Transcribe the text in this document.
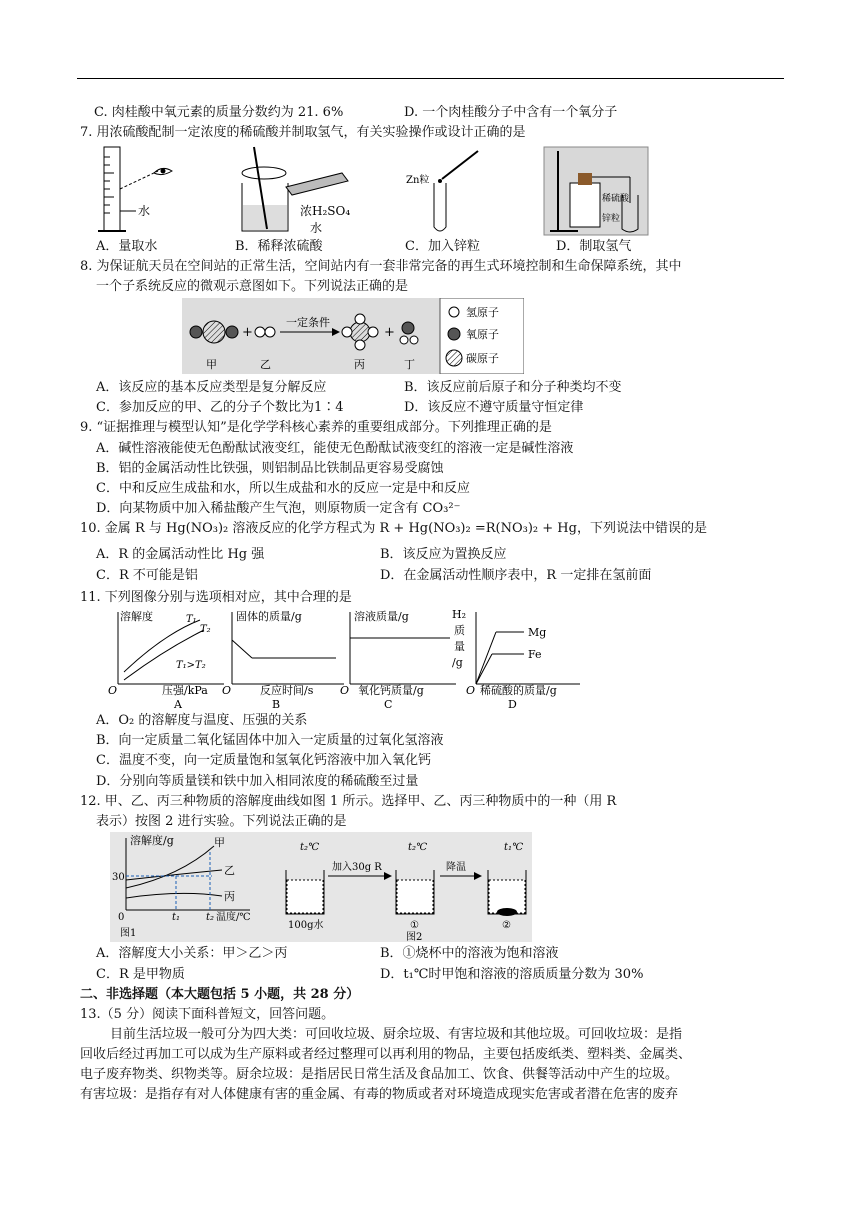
C. 肉桂酸中氧元素的质量分数约为 21. 6%	D. 一个肉桂酸分子中含有一个氧分子
7. 用浓硫酸配制一定浓度的稀硫酸并制取氢气，有关实验操作或设计正确的是
水	浓H₂SO₄
水
Zn粒
稀硫酸
锌粒
A．量取水	B．稀释浓硫酸	C．加入锌粒	D．制取氢气
8. 为保证航天员在空间站的正常生活，空间站内有一套非常完备的再生式环境控制和生命保障系统，其中
一个子系统反应的微观示意图如下。下列说法正确的是
+
一定条件
+
甲	乙	丙	丁
氢原子
氧原子
碳原子
A．该反应的基本反应类型是复分解反应	B．该反应前后原子和分子种类均不变
C．参加反应的甲、乙的分子个数比为1∶4	D．该反应不遵守质量守恒定律
9. “证据推理与模型认知”是化学学科核心素养的重要组成部分。下列推理正确的是
A．碱性溶液能使无色酚酞试液变红，能使无色酚酞试液变红的溶液一定是碱性溶液
B．铝的金属活动性比铁强，则铝制品比铁制品更容易受腐蚀
C．中和反应生成盐和水，所以生成盐和水的反应一定是中和反应
D．向某物质中加入稀盐酸产生气泡，则原物质一定含有 CO₃²⁻
10. 金属 R 与 Hg(NO₃)₂ 溶液反应的化学方程式为 R + Hg(NO₃)₂ =R(NO₃)₂ + Hg，下列说法中错误的是
A．R 的金属活动性比 Hg 强	B．该反应为置换反应
C．R 不可能是铝	D．在金属活动性顺序表中，R 一定排在氢前面
11. 下列图像分别与选项相对应，其中合理的是
溶解度	T₁
T₂
T₁>T₂
O	压强/kPa
A
固体的质量/g
O	反应时间/s
B
溶液质量/g
O 氧化钙质量/g
C
H₂
质
量
/g
Mg
Fe
O 稀硫酸的质量/g
D
A．O₂ 的溶解度与温度、压强的关系
B．向一定质量二氧化锰固体中加入一定质量的过氧化氢溶液
C．温度不变，向一定质量饱和氢氧化钙溶液中加入氧化钙
D．分别向等质量镁和铁中加入相同浓度的稀硫酸至过量
12. 甲、乙、丙三种物质的溶解度曲线如图 1 所示。选择甲、乙、丙三种物质中的一种（用 R
表示）按图 2 进行实验。下列说法正确的是
溶解度/g
30
甲
乙
丙
0	t₁	t₂ 温度/℃
图1
t₂℃
加入30g R
t₂℃
降温
t₁℃
100g水	①	②
图2
A．溶解度大小关系：甲＞乙＞丙	B．①烧杯中的溶液为饱和溶液
C．R 是甲物质	D．t₁℃时甲饱和溶液的溶质质量分数为 30%
二、非选择题（本大题包括 5 小题，共 28 分）
13.（5 分）阅读下面科普短文，回答问题。
目前生活垃圾一般可分为四大类：可回收垃圾、厨余垃圾、有害垃圾和其他垃圾。可回收垃圾：是指
回收后经过再加工可以成为生产原料或者经过整理可以再利用的物品，主要包括废纸类、塑料类、金属类、
电子废弃物类、织物类等。厨余垃圾：是指居民日常生活及食品加工、饮食、供餐等活动中产生的垃圾。
有害垃圾：是指存有对人体健康有害的重金属、有毒的物质或者对环境造成现实危害或者潜在危害的废弃
